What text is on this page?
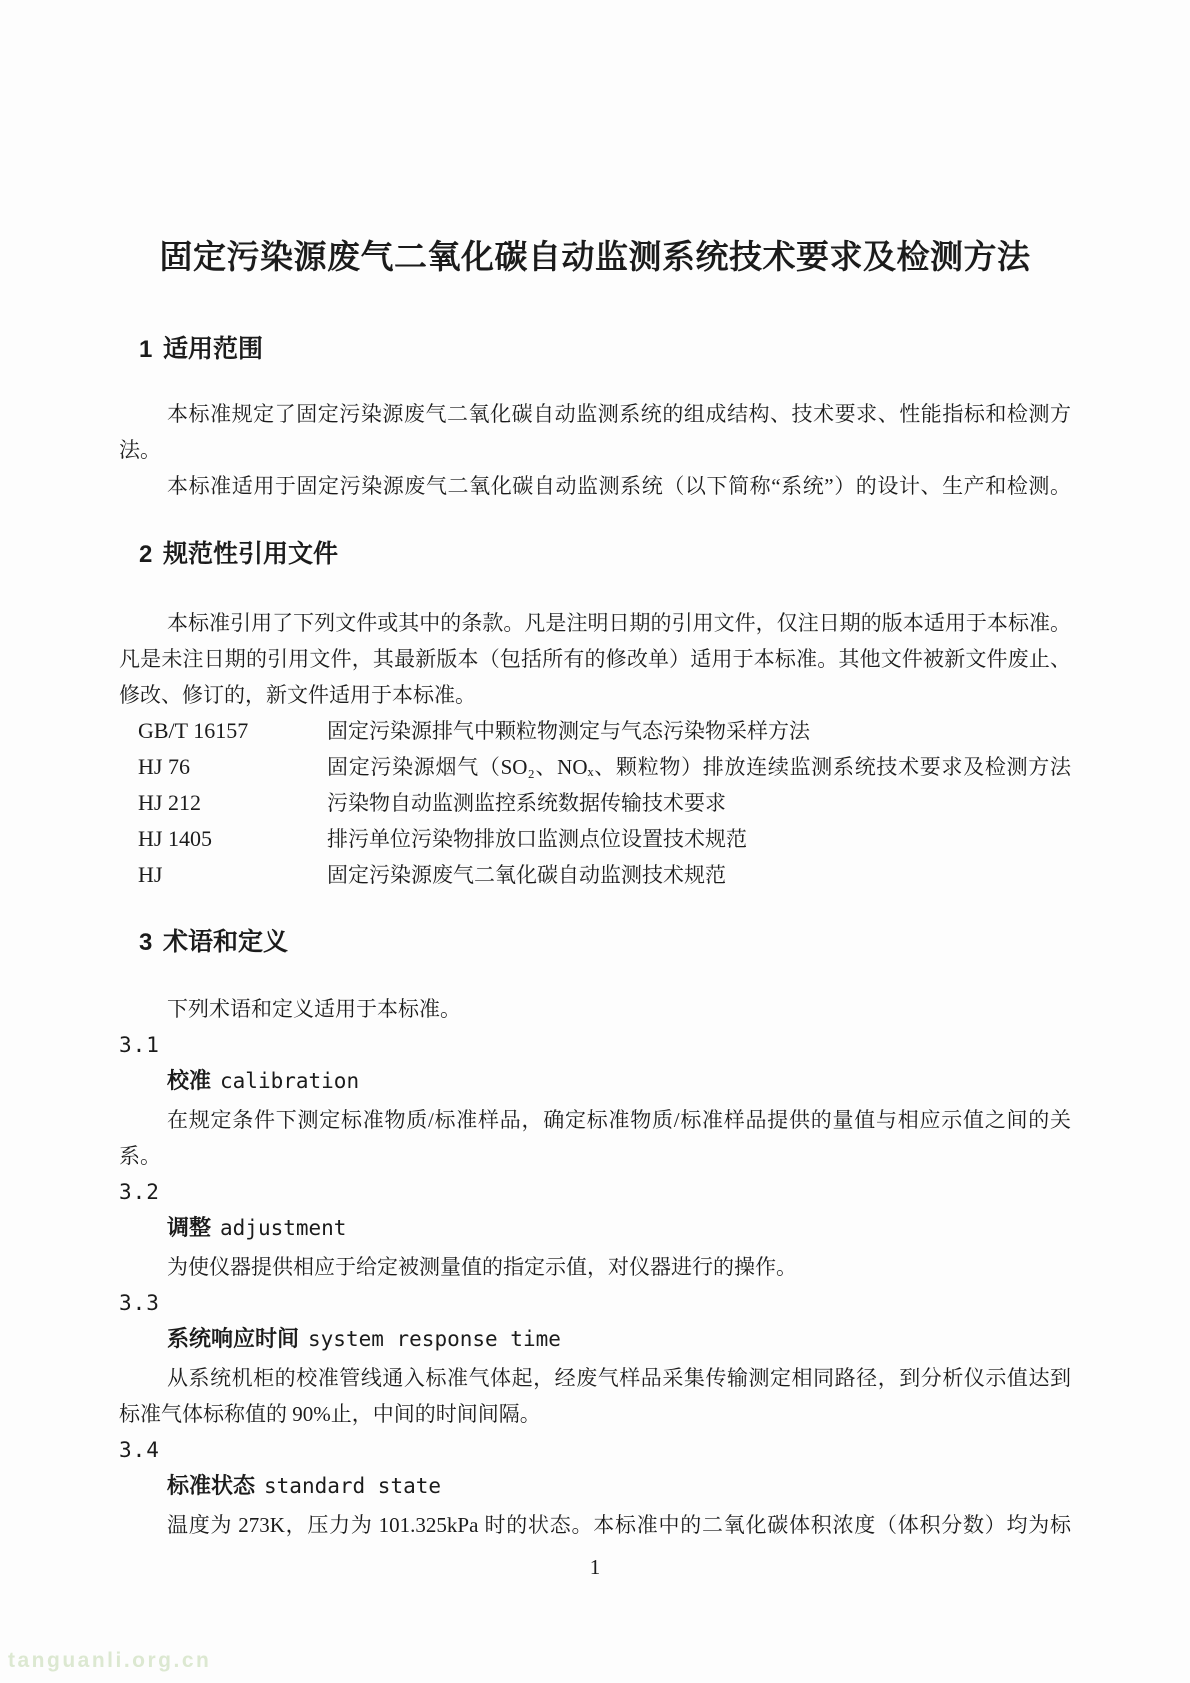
固定污染源废气二氧化碳自动监测系统技术要求及检测方法
1 适用范围
本标准规定了固定污染源废气二氧化碳自动监测系统的组成结构、技术要求、性能指标和检测方
法。
本标准适用于固定污染源废气二氧化碳自动监测系统（以下简称“系统”）的设计、生产和检测。
2 规范性引用文件
本标准引用了下列文件或其中的条款。凡是注明日期的引用文件，仅注日期的版本适用于本标准。
凡是未注日期的引用文件，其最新版本（包括所有的修改单）适用于本标准。其他文件被新文件废止、
修改、修订的，新文件适用于本标准。
GB/T 16157	固定污染源排气中颗粒物测定与气态污染物采样方法
HJ 76	固定污染源烟气（SO₂、NOₓ、颗粒物）排放连续监测系统技术要求及检测方法
HJ 212	污染物自动监测监控系统数据传输技术要求
HJ 1405	排污单位污染物排放口监测点位设置技术规范
HJ	固定污染源废气二氧化碳自动监测技术规范
3 术语和定义
下列术语和定义适用于本标准。
3.1
校准 calibration
在规定条件下测定标准物质/标准样品，确定标准物质/标准样品提供的量值与相应示值之间的关
系。
3.2
调整 adjustment
为使仪器提供相应于给定被测量值的指定示值，对仪器进行的操作。
3.3
系统响应时间 system response time
从系统机柜的校准管线通入标准气体起，经废气样品采集传输测定相同路径，到分析仪示值达到
标准气体标称值的 90%止，中间的时间间隔。
3.4
标准状态 standard state
温度为 273K，压力为 101.325kPa 时的状态。本标准中的二氧化碳体积浓度（体积分数）均为标
1
tanguanli.org.cn
